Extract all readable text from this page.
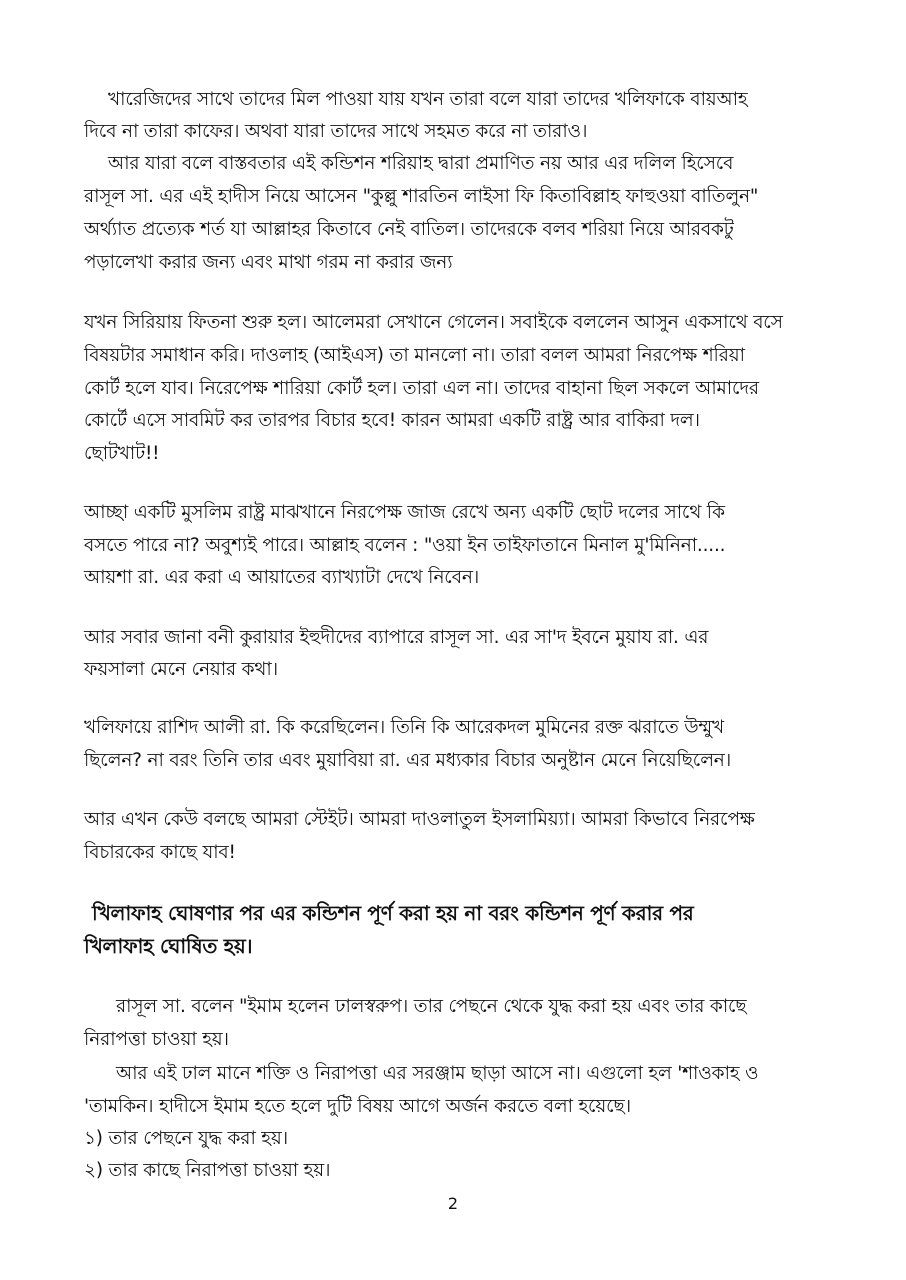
খারেজিদের সাথে তাদের মিল পাওয়া যায় যখন তারা বলে যারা তাদের খলিফাকে বায়আহ
দিবে না তারা কাফের। অথবা যারা তাদের সাথে সহমত করে না তারাও।
আর যারা বলে বাস্তবতার এই কন্ডিশন শরিয়াহ দ্বারা প্রমাণিত নয় আর এর দলিল হিসেবে
রাসূল সা. এর এই হাদীস নিয়ে আসেন "কুল্লু শারতিন লাইসা ফি কিতাবিল্লাহ ফাহুওয়া বাতিলুন"
অর্থ্যাত প্রত্যেক শর্ত যা আল্লাহর কিতাবে নেই বাতিল। তাদেরকে বলব শরিয়া নিয়ে আরবকটু
পড়ালেখা করার জন্য এবং মাথা গরম না করার জন্য
যখন সিরিয়ায় ফিতনা শুরু হল। আলেমরা সেখানে গেলেন। সবাইকে বললেন আসুন একসাথে বসে
বিষয়টার সমাধান করি। দাওলাহ (আইএস) তা মানলো না। তারা বলল আমরা নিরপেক্ষ শরিয়া
কোর্ট হলে যাব। নিরেপেক্ষ শারিয়া কোর্ট হল। তারা এল না। তাদের বাহানা ছিল সকলে আমাদের
কোর্টে এসে সাবমিট কর তারপর বিচার হবে! কারন আমরা একটি রাষ্ট্র আর বাকিরা দল।
ছোটখাট!!
আচ্ছা একটি মুসলিম রাষ্ট্র মাঝখানে নিরপেক্ষ জাজ রেখে অন্য একটি ছোট দলের সাথে কি
বসতে পারে না? অবুশ্যই পারে। আল্লাহ বলেন : "ওয়া ইন তাইফাতানে মিনাল মু'মিনিনা.....
আয়শা রা. এর করা এ আয়াতের ব্যাখ্যাটা দেখে নিবেন।
আর সবার জানা বনী কুরায়ার ইহুদীদের ব্যাপারে রাসূল সা. এর সা'দ ইবনে মুয়ায রা. এর
ফয়সালা মেনে নেয়ার কথা।
খলিফায়ে রাশিদ আলী রা. কি করেছিলেন। তিনি কি আরেকদল মুমিনের রক্ত ঝরাতে উম্মুখ
ছিলেন? না বরং তিনি তার এবং মুয়াবিয়া রা. এর মধ্যকার বিচার অনুষ্টান মেনে নিয়েছিলেন।
আর এখন কেউ বলছে আমরা স্টেইট। আমরা দাওলাতুল ইসলামিয়্যা। আমরা কিভাবে নিরপেক্ষ
বিচারকের কাছে যাব!
খিলাফাহ ঘোষণার পর এর কন্ডিশন পূর্ণ করা হয় না বরং কন্ডিশন পূর্ণ করার পর
খিলাফাহ ঘোষিত হয়।
রাসূল সা. বলেন "ইমাম হলেন ঢালস্বরুপ। তার পেছনে থেকে যুদ্ধ করা হয় এবং তার কাছে
নিরাপত্তা চাওয়া হয়।
আর এই ঢাল মানে শক্তি ও নিরাপত্তা এর সরঞ্জাম ছাড়া আসে না। এগুলো হল 'শাওকাহ ও
'তামকিন। হাদীসে ইমাম হতে হলে দুটি বিষয় আগে অর্জন করতে বলা হয়েছে।
১) তার পেছনে যুদ্ধ করা হয়।
২) তার কাছে নিরাপত্তা চাওয়া হয়।
2
